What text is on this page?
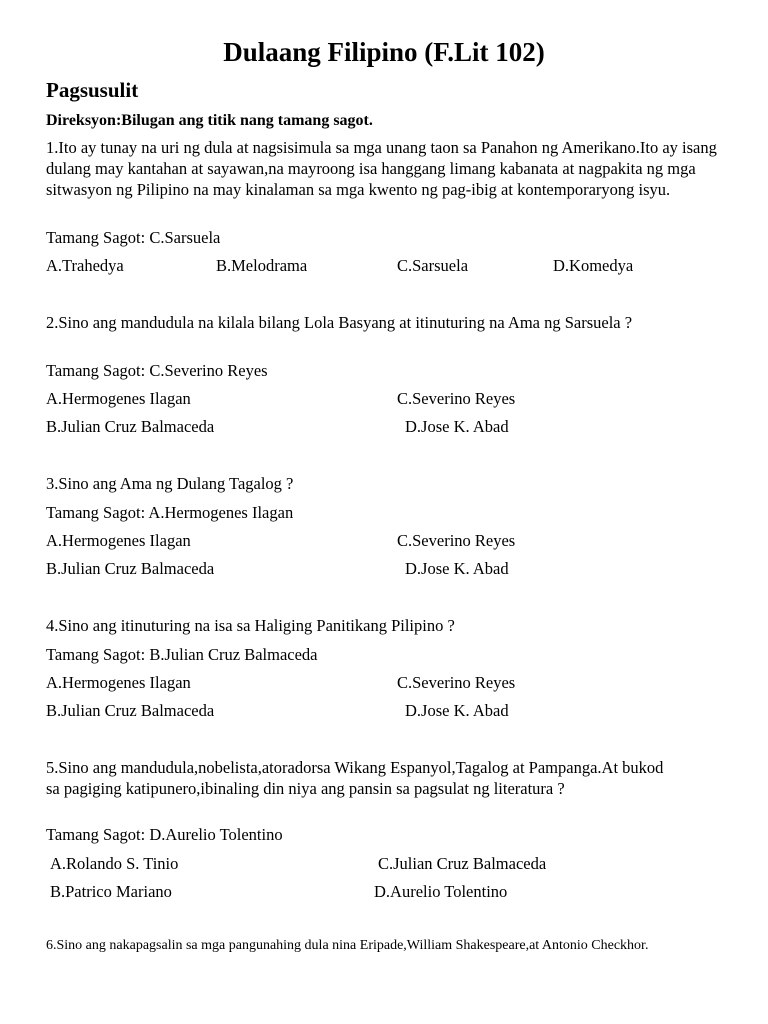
Dulaang Filipino (F.Lit 102)
Pagsusulit
Direksyon:Bilugan ang titik nang tamang sagot.
1.Ito ay tunay na uri ng dula at nagsisimula sa mga unang taon sa Panahon ng Amerikano.Ito ay isang dulang may kantahan at sayawan,na mayroong isa hanggang limang kabanata at nagpakita ng mga sitwasyon ng Pilipino na may kinalaman sa mga kwento ng pag-ibig at kontemporaryong isyu.
Tamang Sagot: C.Sarsuela
A.Trahedya	B.Melodrama	C.Sarsuela	D.Komedya
2.Sino ang mandudula na kilala bilang Lola Basyang at itinuturing na Ama ng Sarsuela ?
Tamang Sagot: C.Severino Reyes
A.Hermogenes Ilagan	C.Severino Reyes
B.Julian Cruz Balmaceda	D.Jose K. Abad
3.Sino ang Ama ng Dulang Tagalog ?
Tamang Sagot: A.Hermogenes Ilagan
A.Hermogenes Ilagan	C.Severino Reyes
B.Julian Cruz Balmaceda	D.Jose K. Abad
4.Sino ang itinuturing na isa sa Haliging Panitikang Pilipino ?
Tamang Sagot: B.Julian Cruz Balmaceda
A.Hermogenes Ilagan	C.Severino Reyes
B.Julian Cruz Balmaceda	D.Jose K. Abad
5.Sino ang mandudula,nobelista,atoradorsa Wikang Espanyol,Tagalog at Pampanga.At bukod sa pagiging katipunero,ibinaling din niya ang pansin sa pagsulat ng literatura ?
Tamang Sagot: D.Aurelio Tolentino
A.Rolando S. Tinio	C.Julian Cruz Balmaceda
B.Patrico Mariano	D.Aurelio Tolentino
6.Sino ang nakapagsalin sa mga pangunahing dula nina Eripade,William Shakespeare,at Antonio Checkhor.
